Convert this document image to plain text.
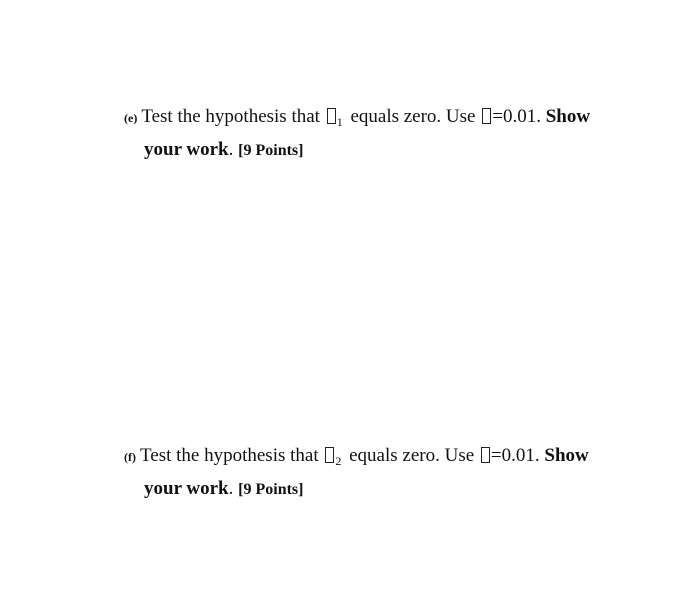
(e) Test the hypothesis that $_1$ equals zero. Use =0.01. Show
your work. [9 Points]
(f) Test the hypothesis that $_2$ equals zero. Use =0.01. Show
your work. [9 Points]
